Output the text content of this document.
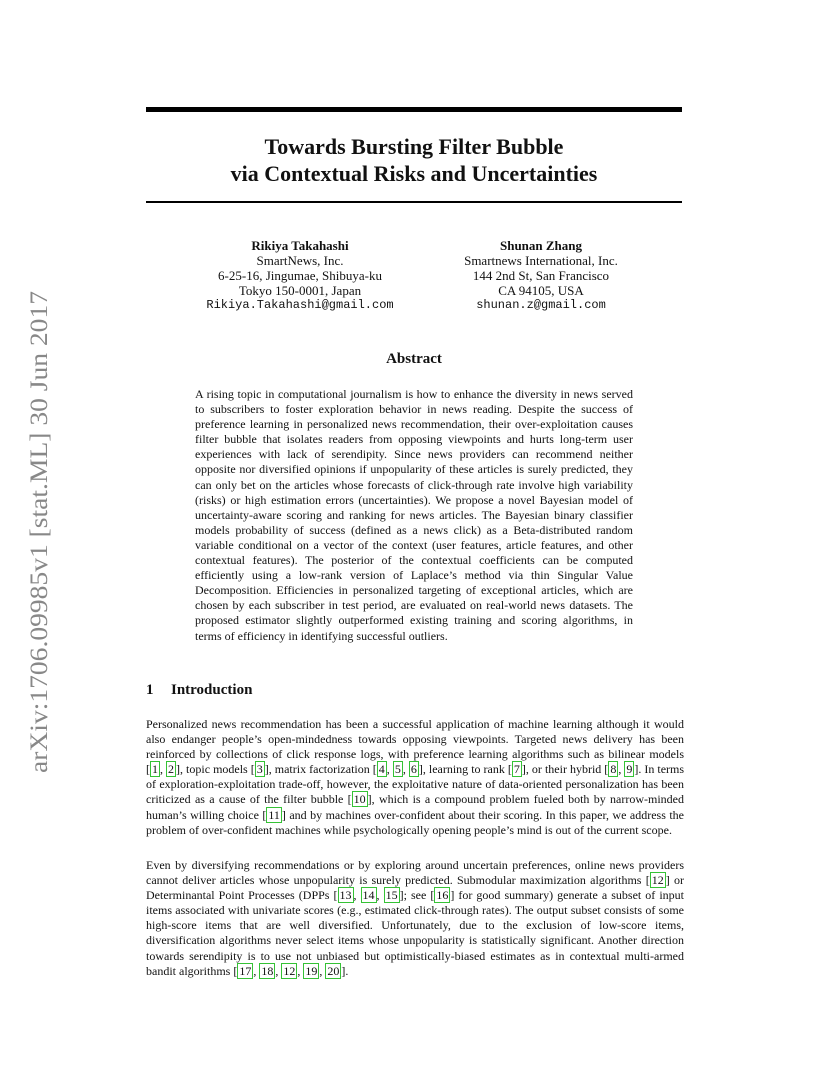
arXiv:1706.09985v1 [stat.ML] 30 Jun 2017
Towards Bursting Filter Bubble
via Contextual Risks and Uncertainties
Rikiya Takahashi
SmartNews, Inc.
6-25-16, Jingumae, Shibuya-ku
Tokyo 150-0001, Japan
Rikiya.Takahashi@gmail.com
Shunan Zhang
Smartnews International, Inc.
144 2nd St, San Francisco
CA 94105, USA
shunan.z@gmail.com
Abstract

A rising topic in computational journalism is how to enhance the diversity in news served to subscribers to foster exploration behavior in news reading. Despite the success of preference learning in personalized news recommendation, their over-exploitation causes filter bubble that isolates readers from opposing viewpoints and hurts long-term user experiences with lack of serendipity. Since news providers can recommend neither opposite nor diversified opinions if unpopularity of these articles is surely predicted, they can only bet on the articles whose forecasts of click-through rate involve high variability (risks) or high estimation errors (uncertainties). We propose a novel Bayesian model of uncertainty-aware scoring and ranking for news articles. The Bayesian binary classifier models probability of success (defined as a news click) as a Beta-distributed random variable conditional on a vector of the context (user features, article features, and other contextual features). The posterior of the contextual coefficients can be computed efficiently using a low-rank version of Laplace’s method via thin Singular Value Decomposition. Efficiencies in personalized targeting of exceptional articles, which are chosen by each subscriber in test period, are evaluated on real-world news datasets. The proposed estimator slightly outperformed existing training and scoring algorithms, in terms of efficiency in identifying successful outliers.

1 Introduction

Personalized news recommendation has been a successful application of machine learning although it would also endanger people’s open-mindedness towards opposing viewpoints. Targeted news delivery has been reinforced by collections of click response logs, with preference learning algorithms such as bilinear models [ 1 , 2 ], topic models [ 3 ], matrix factorization [ 4 , 5 , 6 ], learning to rank [ 7 ], or their hybrid [ 8 , 9 ]. In terms of exploration-exploitation trade-off, however, the exploitative nature of data-oriented personalization has been criticized as a cause of the filter bubble [ 10 ], which is a compound problem fueled both by narrow-minded human’s willing choice [ 11 ] and by machines over-confident about their scoring. In this paper, we address the problem of over-confident machines while psychologically opening people’s mind is out of the current scope.

Even by diversifying recommendations or by exploring around uncertain preferences, online news providers cannot deliver articles whose unpopularity is surely predicted. Submodular maximization algorithms [ 12 ] or Determinantal Point Processes (DPPs [ 13 , 14 , 15 ]; see [ 16 ] for good summary) generate a subset of input items associated with univariate scores (e.g., estimated click-through rates). The output subset consists of some high-score items that are well diversified. Unfortunately, due to the exclusion of low-score items, diversification algorithms never select items whose unpopularity is statistically significant. Another direction towards serendipity is to use not unbiased but optimistically-biased estimates as in contextual multi-armed bandit algorithms [ 17 , 18 , 12 , 19 , 20 ].
